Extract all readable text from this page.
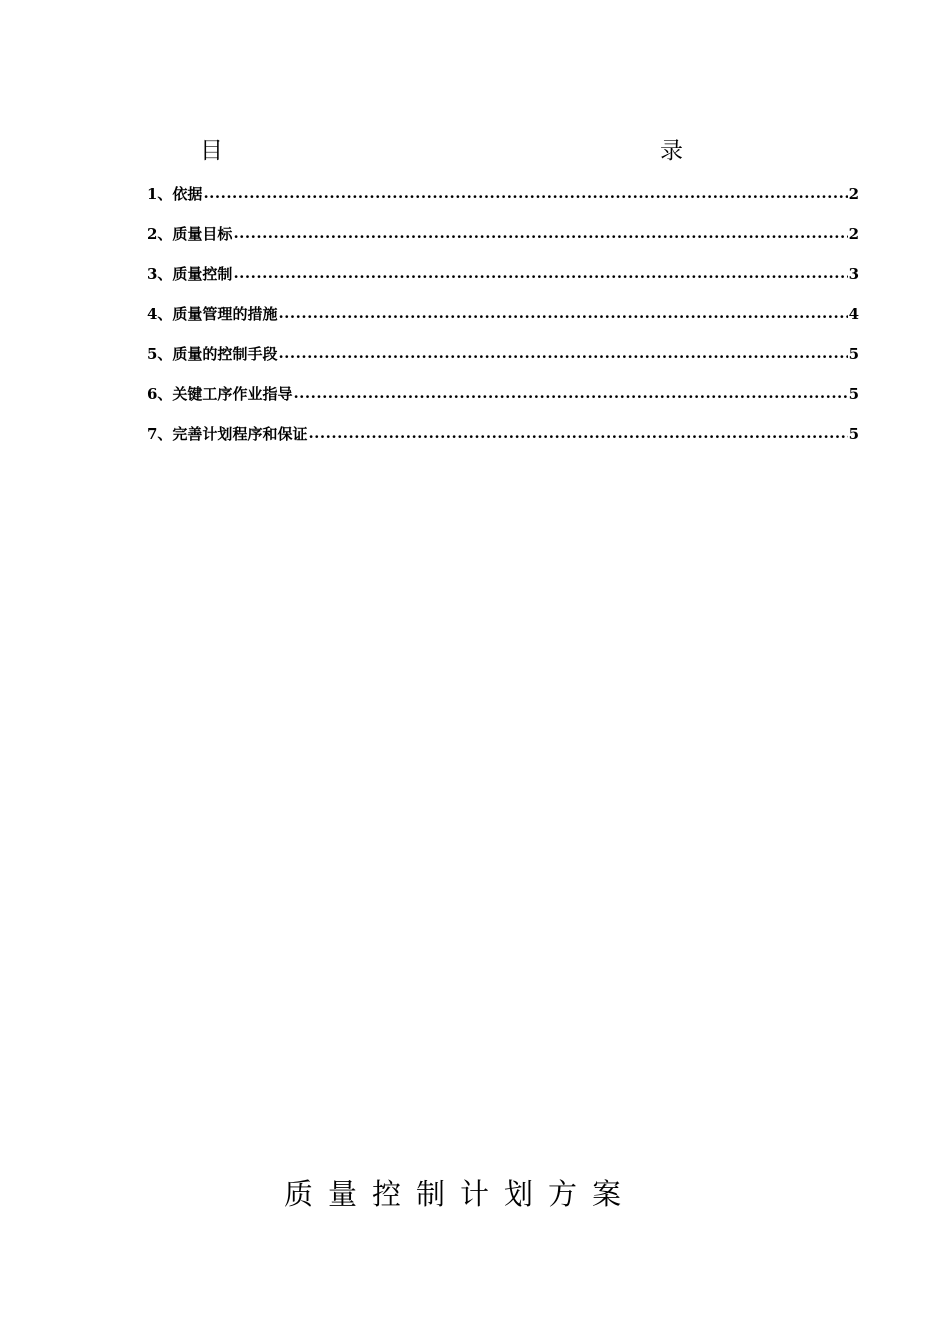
目　　　录
1、依据 .....	2
2、质量目标 .....	2
3、质量控制 .....	3
4、质量管理的措施 .....	4
5、质量的控制手段 .....	5
6、关键工序作业指导 .....	5
7、完善计划程序和保证 .....	5
质量控制计划方案
